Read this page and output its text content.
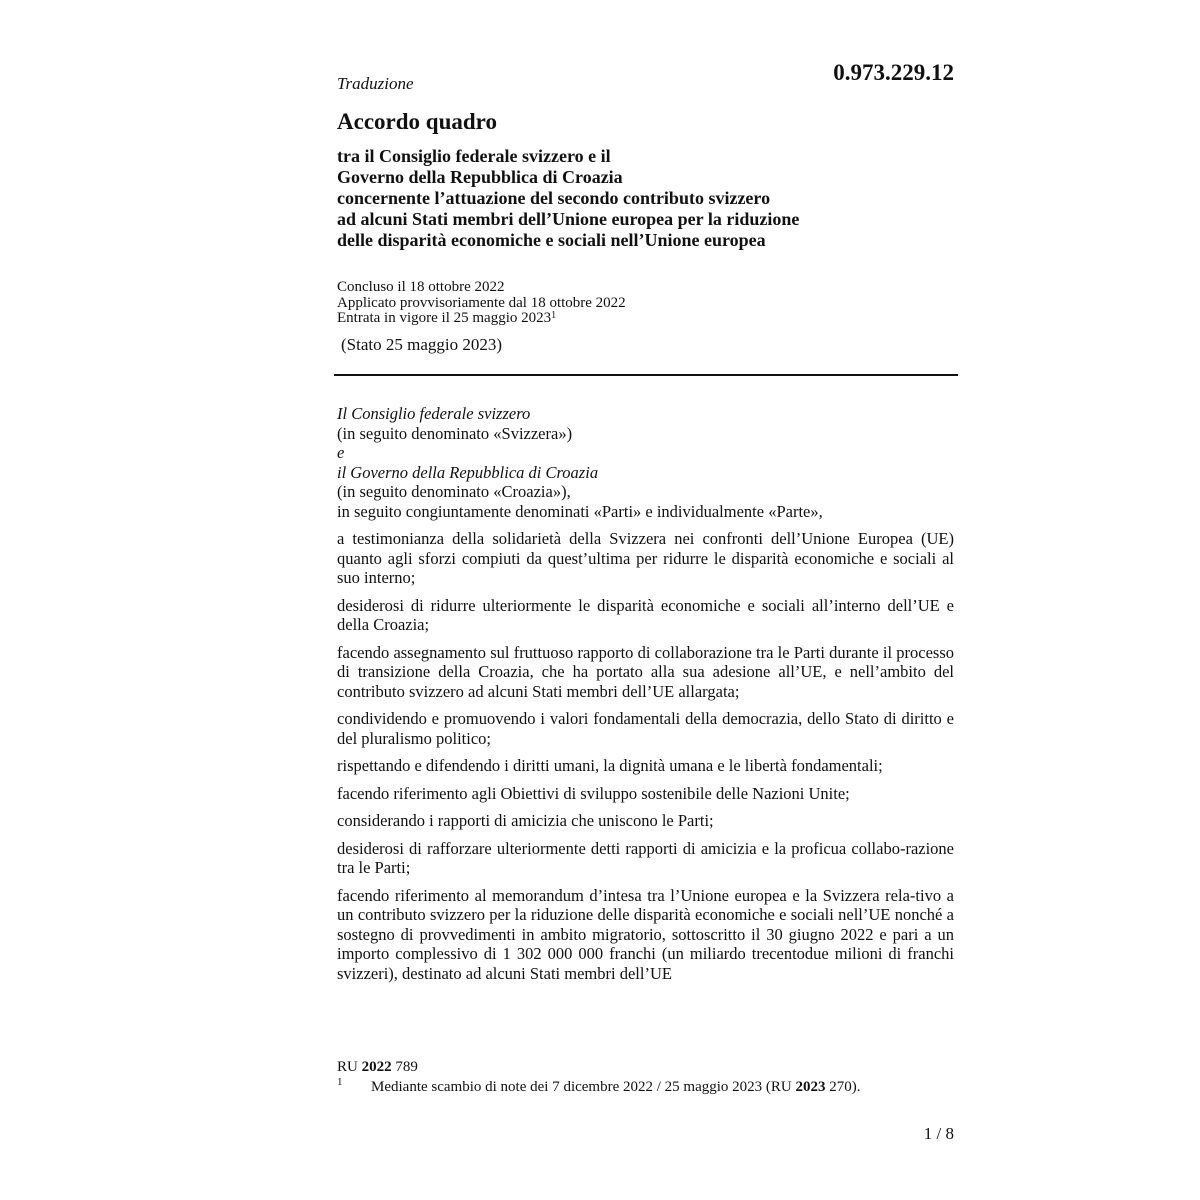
Traduzione	0.973.229.12
Accordo quadro
tra il Consiglio federale svizzero e il
Governo della Repubblica di Croazia
concernente l’attuazione del secondo contributo svizzero
ad alcuni Stati membri dell’Unione europea per la riduzione
delle disparità economiche e sociali nell’Unione europea
Concluso il 18 ottobre 2022
Applicato provvisoriamente dal 18 ottobre 2022
Entrata in vigore il 25 maggio 2023$^1$
(Stato 25 maggio 2023)
Il Consiglio federale svizzero
(in seguito denominato «Svizzera»)
e
il Governo della Repubblica di Croazia
(in seguito denominato «Croazia»),
in seguito congiuntamente denominati «Parti» e individualmente «Parte»,
a testimonianza della solidarietà della Svizzera nei confronti dell’Unione Europea (UE) quanto agli sforzi compiuti da quest’ultima per ridurre le disparità economiche e sociali al suo interno;
desiderosi di ridurre ulteriormente le disparità economiche e sociali all’interno dell’UE e della Croazia;
facendo assegnamento sul fruttuoso rapporto di collaborazione tra le Parti durante il processo di transizione della Croazia, che ha portato alla sua adesione all’UE, e nell’ambito del contributo svizzero ad alcuni Stati membri dell’UE allargata;
condividendo e promuovendo i valori fondamentali della democrazia, dello Stato di diritto e del pluralismo politico;
rispettando e difendendo i diritti umani, la dignità umana e le libertà fondamentali;
facendo riferimento agli Obiettivi di sviluppo sostenibile delle Nazioni Unite;
considerando i rapporti di amicizia che uniscono le Parti;
desiderosi di rafforzare ulteriormente detti rapporti di amicizia e la proficua collabo-razione tra le Parti;
facendo riferimento al memorandum d’intesa tra l’Unione europea e la Svizzera rela-tivo a un contributo svizzero per la riduzione delle disparità economiche e sociali nell’UE nonché a sostegno di provvedimenti in ambito migratorio, sottoscritto il 30 giugno 2022 e pari a un importo complessivo di 1 302 000 000 franchi (un miliardo trecentodue milioni di franchi svizzeri), destinato ad alcuni Stati membri dell’UE
RU 2022 789
1 Mediante scambio di note dei 7 dicembre 2022 / 25 maggio 2023 (RU 2023 270).
1 / 8
